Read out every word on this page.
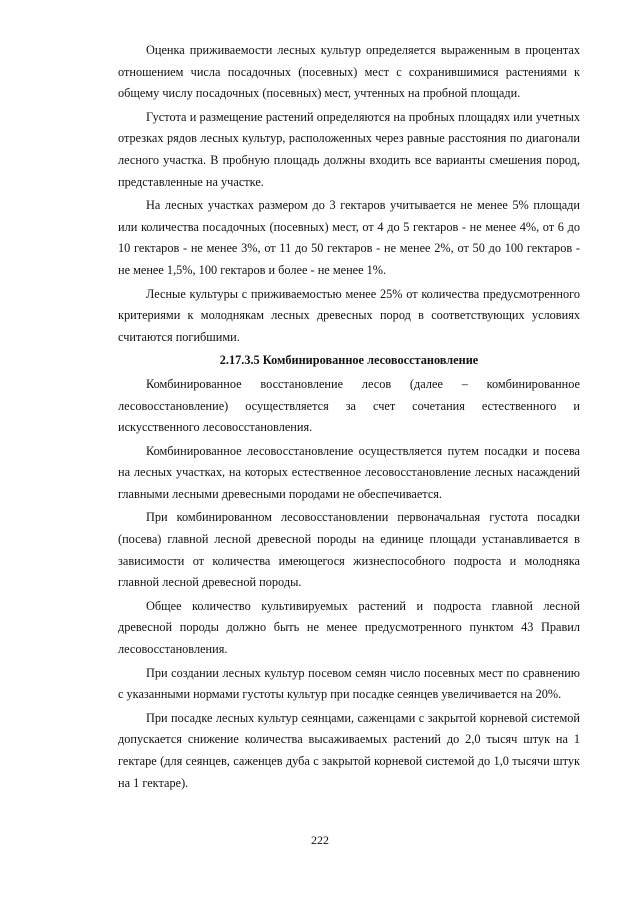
Оценка приживаемости лесных культур определяется выраженным в процентах отношением числа посадочных (посевных) мест с сохранившимися растениями к общему числу посадочных (посевных) мест, учтенных на пробной площади.

Густота и размещение растений определяются на пробных площадях или учетных отрезках рядов лесных культур, расположенных через равные расстояния по диагонали лесного участка. В пробную площадь должны входить все варианты смешения пород, представленные на участке.

На лесных участках размером до 3 гектаров учитывается не менее 5% площади или количества посадочных (посевных) мест, от 4 до 5 гектаров - не менее 4%, от 6 до 10 гектаров - не менее 3%, от 11 до 50 гектаров - не менее 2%, от 50 до 100 гектаров - не менее 1,5%, 100 гектаров и более - не менее 1%.

Лесные культуры с приживаемостью менее 25% от количества предусмотренного критериями к молоднякам лесных древесных пород в соответствующих условиях считаются погибшими.

2.17.3.5 Комбинированное лесовосстановление

Комбинированное восстановление лесов (далее – комбинированное лесовосстановление) осуществляется за счет сочетания естественного и искусственного лесовосстановления.

Комбинированное лесовосстановление осуществляется путем посадки и посева на лесных участках, на которых естественное лесовосстановление лесных насаждений главными лесными древесными породами не обеспечивается.

При комбинированном лесовосстановлении первоначальная густота посадки (посева) главной лесной древесной породы на единице площади устанавливается в зависимости от количества имеющегося жизнеспособного подроста и молодняка главной лесной древесной породы.

Общее количество культивируемых растений и подроста главной лесной древесной породы должно быть не менее предусмотренного пунктом 43 Правил лесовосстановления.

При создании лесных культур посевом семян число посевных мест по сравнению с указанными нормами густоты культур при посадке сеянцев увеличивается на 20%.

При посадке лесных культур сеянцами, саженцами с закрытой корневой системой допускается снижение количества высаживаемых растений до 2,0 тысяч штук на 1 гектаре (для сеянцев, саженцев дуба с закрытой корневой системой до 1,0 тысячи штук на 1 гектаре).

222
